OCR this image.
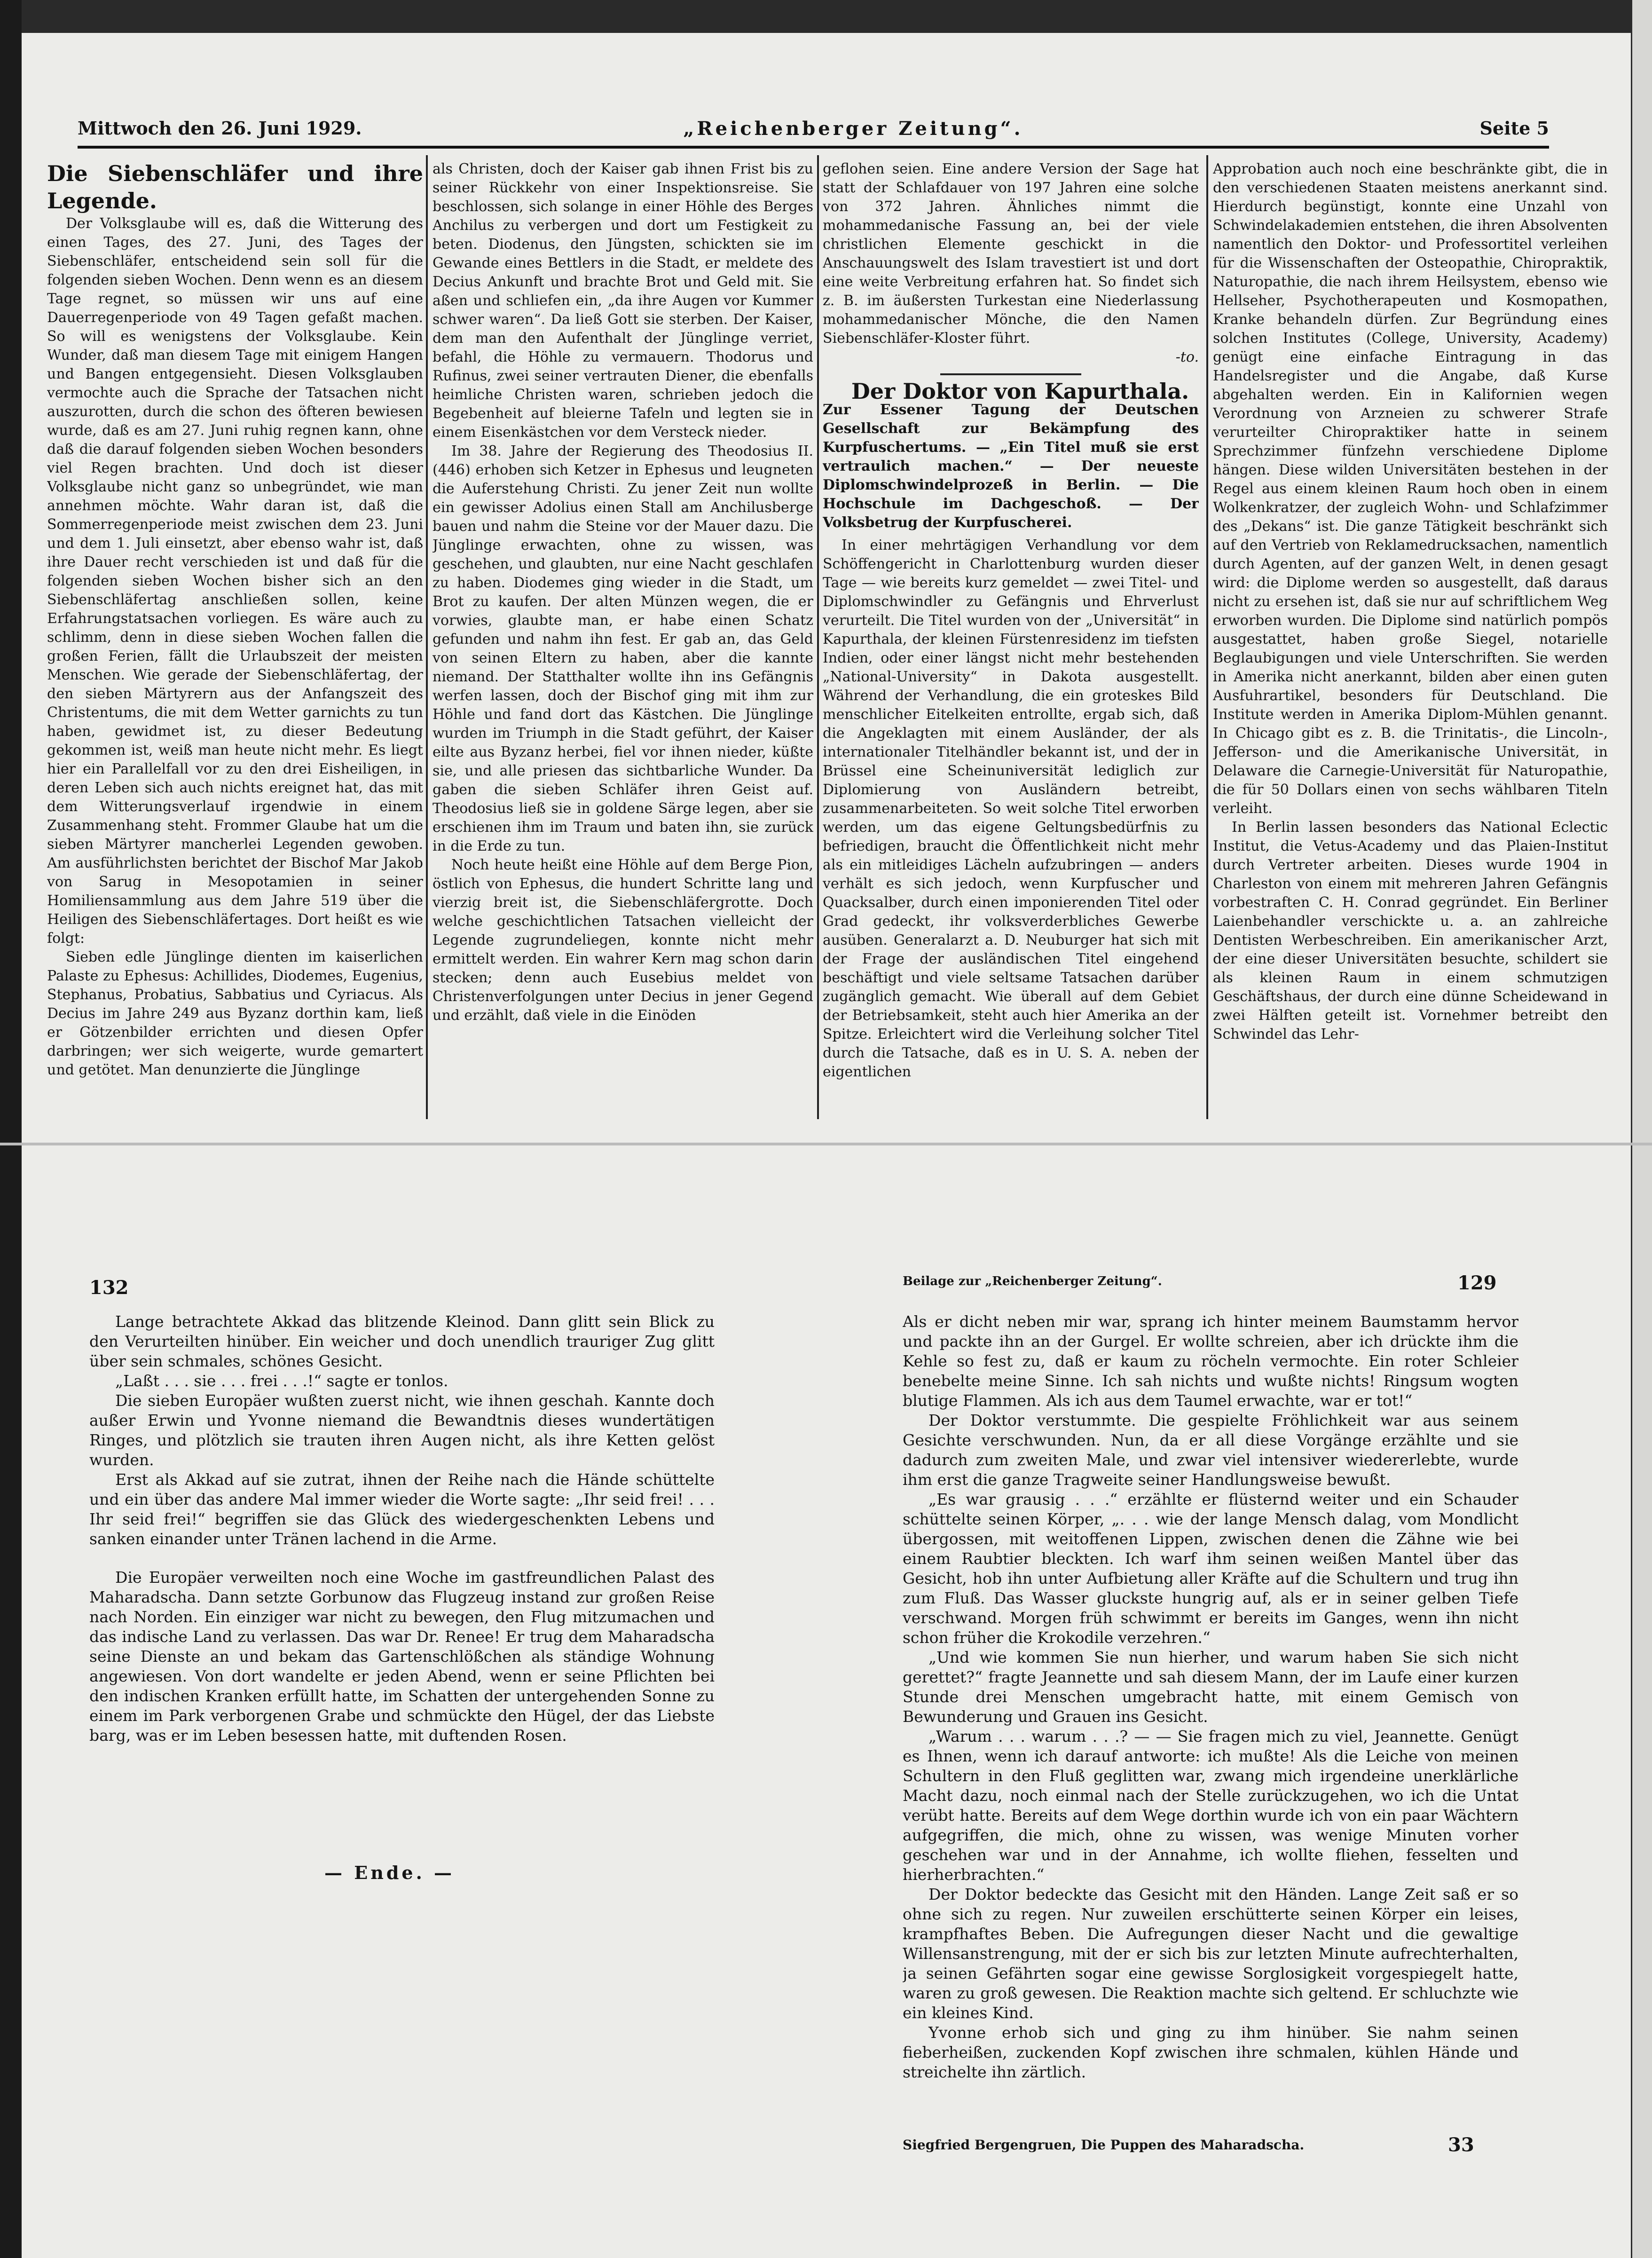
Mittwoch den 26. Juni 1929.	„Reichenberger Zeitung“.	Seite 5

Die Siebenschläfer und ihre Legende.

Der Volksglaube will es, daß die Witterung des einen Tages, des 27. Juni, des Tages der Siebenschläfer, entscheidend sein soll für die folgenden sieben Wochen. Denn wenn es an diesem Tage regnet, so müssen wir uns auf eine Dauerregenperiode von 49 Tagen gefaßt machen. So will es wenigstens der Volksglaube. Kein Wunder, daß man diesem Tage mit einigem Hangen und Bangen entgegensieht. Diesen Volksglauben vermochte auch die Sprache der Tatsachen nicht auszurotten, durch die schon des öfteren bewiesen wurde, daß es am 27. Juni ruhig regnen kann, ohne daß die darauf folgenden sieben Wochen besonders viel Regen brachten. Und doch ist dieser Volksglaube nicht ganz so unbegründet, wie man annehmen möchte. Wahr daran ist, daß die Sommerregenperiode meist zwischen dem 23. Juni und dem 1. Juli einsetzt, aber ebenso wahr ist, daß ihre Dauer recht verschieden ist und daß für die folgenden sieben Wochen bisher sich an den Siebenschläfertag anschließen sollen, keine Erfahrungstatsachen vorliegen. Es wäre auch zu schlimm, denn in diese sieben Wochen fallen die großen Ferien, fällt die Urlaubszeit der meisten Menschen. Wie gerade der Siebenschläfertag, der den sieben Märtyrern aus der Anfangszeit des Christentums, die mit dem Wetter garnichts zu tun haben, gewidmet ist, zu dieser Bedeutung gekommen ist, weiß man heute nicht mehr. Es liegt hier ein Parallelfall vor zu den drei Eisheiligen, in deren Leben sich auch nichts ereignet hat, das mit dem Witterungsverlauf irgendwie in einem Zusammenhang steht. Frommer Glaube hat um die sieben Märtyrer mancherlei Legenden gewoben. Am ausführlichsten berichtet der Bischof Mar Jakob von Sarug in Mesopotamien in seiner Homiliensammlung aus dem Jahre 519 über die Heiligen des Siebenschläfertages. Dort heißt es wie folgt:

Sieben edle Jünglinge dienten im kaiserlichen Palaste zu Ephesus: Achillides, Diodemes, Eugenius, Stephanus, Probatius, Sabbatius und Cyriacus. Als Decius im Jahre 249 aus Byzanz dorthin kam, ließ er Götzenbilder errichten und diesen Opfer darbringen; wer sich weigerte, wurde gemartert und getötet. Man denunzierte die Jünglinge

als Christen, doch der Kaiser gab ihnen Frist bis zu seiner Rückkehr von einer Inspektionsreise. Sie beschlossen, sich solange in einer Höhle des Berges Anchilus zu verbergen und dort um Festigkeit zu beten. Diodenus, den Jüngsten, schickten sie im Gewande eines Bettlers in die Stadt, er meldete des Decius Ankunft und brachte Brot und Geld mit. Sie aßen und schliefen ein, „da ihre Augen vor Kummer schwer waren“. Da ließ Gott sie sterben. Der Kaiser, dem man den Aufenthalt der Jünglinge verriet, befahl, die Höhle zu vermauern. Thodorus und Rufinus, zwei seiner vertrauten Diener, die ebenfalls heimliche Christen waren, schrieben jedoch die Begebenheit auf bleierne Tafeln und legten sie in einem Eisenkästchen vor dem Versteck nieder.

Im 38. Jahre der Regierung des Theodosius II. (446) erhoben sich Ketzer in Ephesus und leugneten die Auferstehung Christi. Zu jener Zeit nun wollte ein gewisser Adolius einen Stall am Anchilusberge bauen und nahm die Steine vor der Mauer dazu. Die Jünglinge erwachten, ohne zu wissen, was geschehen, und glaubten, nur eine Nacht geschlafen zu haben. Diodemes ging wieder in die Stadt, um Brot zu kaufen. Der alten Münzen wegen, die er vorwies, glaubte man, er habe einen Schatz gefunden und nahm ihn fest. Er gab an, das Geld von seinen Eltern zu haben, aber die kannte niemand. Der Statthalter wollte ihn ins Gefängnis werfen lassen, doch der Bischof ging mit ihm zur Höhle und fand dort das Kästchen. Die Jünglinge wurden im Triumph in die Stadt geführt, der Kaiser eilte aus Byzanz herbei, fiel vor ihnen nieder, küßte sie, und alle priesen das sichtbarliche Wunder. Da gaben die sieben Schläfer ihren Geist auf. Theodosius ließ sie in goldene Särge legen, aber sie erschienen ihm im Traum und baten ihn, sie zurück in die Erde zu tun.

Noch heute heißt eine Höhle auf dem Berge Pion, östlich von Ephesus, die hundert Schritte lang und vierzig breit ist, die Siebenschläfergrotte. Doch welche geschichtlichen Tatsachen vielleicht der Legende zugrundeliegen, konnte nicht mehr ermittelt werden. Ein wahrer Kern mag schon darin stecken; denn auch Eusebius meldet von Christenverfolgungen unter Decius in jener Gegend und erzählt, daß viele in die Einöden

geflohen seien. Eine andere Version der Sage hat statt der Schlafdauer von 197 Jahren eine solche von 372 Jahren. Ähnliches nimmt die mohammedanische Fassung an, bei der viele christlichen Elemente geschickt in die Anschauungswelt des Islam travestiert ist und dort eine weite Verbreitung erfahren hat. So findet sich z. B. im äußersten Turkestan eine Niederlassung mohammedanischer Mönche, die den Namen Siebenschläfer-Kloster führt.

-to.

Der Doktor von Kapurthala.

Zur Essener Tagung der Deutschen Gesellschaft zur Bekämpfung des Kurpfuschertums. — „Ein Titel muß sie erst vertraulich machen.“ — Der neueste Diplomschwindelprozeß in Berlin. — Die Hochschule im Dachgeschoß. — Der Volksbetrug der Kurpfuscherei.

In einer mehrtägigen Verhandlung vor dem Schöffengericht in Charlottenburg wurden dieser Tage — wie bereits kurz gemeldet — zwei Titel- und Diplomschwindler zu Gefängnis und Ehrverlust verurteilt. Die Titel wurden von der „Universität“ in Kapurthala, der kleinen Fürstenresidenz im tiefsten Indien, oder einer längst nicht mehr bestehenden „National-University“ in Dakota ausgestellt. Während der Verhandlung, die ein groteskes Bild menschlicher Eitelkeiten entrollte, ergab sich, daß die Angeklagten mit einem Ausländer, der als internationaler Titelhändler bekannt ist, und der in Brüssel eine Scheinuniversität lediglich zur Diplomierung von Ausländern betreibt, zusammenarbeiteten. So weit solche Titel erworben werden, um das eigene Geltungsbedürfnis zu befriedigen, braucht die Öffentlichkeit nicht mehr als ein mitleidiges Lächeln aufzubringen — anders verhält es sich jedoch, wenn Kurpfuscher und Quacksalber, durch einen imponierenden Titel oder Grad gedeckt, ihr volksverderbliches Gewerbe ausüben. Generalarzt a. D. Neuburger hat sich mit der Frage der ausländischen Titel eingehend beschäftigt und viele seltsame Tatsachen darüber zugänglich gemacht. Wie überall auf dem Gebiet der Betriebsamkeit, steht auch hier Amerika an der Spitze. Erleichtert wird die Verleihung solcher Titel durch die Tatsache, daß es in U. S. A. neben der eigentlichen

Approbation auch noch eine beschränkte gibt, die in den verschiedenen Staaten meistens anerkannt sind. Hierdurch begünstigt, konnte eine Unzahl von Schwindelakademien entstehen, die ihren Absolventen namentlich den Doktor- und Professortitel verleihen für die Wissenschaften der Osteopathie, Chiropraktik, Naturopathie, die nach ihrem Heilsystem, ebenso wie Hellseher, Psychotherapeuten und Kosmopathen, Kranke behandeln dürfen. Zur Begründung eines solchen Institutes (College, University, Academy) genügt eine einfache Eintragung in das Handelsregister und die Angabe, daß Kurse abgehalten werden. Ein in Kalifornien wegen Verordnung von Arzneien zu schwerer Strafe verurteilter Chiropraktiker hatte in seinem Sprechzimmer fünfzehn verschiedene Diplome hängen. Diese wilden Universitäten bestehen in der Regel aus einem kleinen Raum hoch oben in einem Wolkenkratzer, der zugleich Wohn- und Schlafzimmer des „Dekans“ ist. Die ganze Tätigkeit beschränkt sich auf den Vertrieb von Reklamedrucksachen, namentlich durch Agenten, auf der ganzen Welt, in denen gesagt wird: die Diplome werden so ausgestellt, daß daraus nicht zu ersehen ist, daß sie nur auf schriftlichem Weg erworben wurden. Die Diplome sind natürlich pompös ausgestattet, haben große Siegel, notarielle Beglaubigungen und viele Unterschriften. Sie werden in Amerika nicht anerkannt, bilden aber einen guten Ausfuhrartikel, besonders für Deutschland. Die Institute werden in Amerika Diplom-Mühlen genannt. In Chicago gibt es z. B. die Trinitatis-, die Lincoln-, Jefferson- und die Amerikanische Universität, in Delaware die Carnegie-Universität für Naturopathie, die für 50 Dollars einen von sechs wählbaren Titeln verleiht.

In Berlin lassen besonders das National Eclectic Institut, die Vetus-Academy und das Plaien-Institut durch Vertreter arbeiten. Dieses wurde 1904 in Charleston von einem mit mehreren Jahren Gefängnis vorbestraften C. H. Conrad gegründet. Ein Berliner Laienbehandler verschickte u. a. an zahlreiche Dentisten Werbeschreiben. Ein amerikanischer Arzt, der eine dieser Universitäten besuchte, schildert sie als kleinen Raum in einem schmutzigen Geschäftshaus, der durch eine dünne Scheidewand in zwei Hälften geteilt ist. Vornehmer betreibt den Schwindel das Lehr-

132	Beilage zur „Reichenberger Zeitung“.	129

Lange betrachtete Akkad das blitzende Kleinod. Dann glitt sein Blick zu den Verurteilten hinüber. Ein weicher und doch unendlich trauriger Zug glitt über sein schmales, schönes Gesicht.

„Laßt . . . sie . . . frei . . .!“ sagte er tonlos.

Die sieben Europäer wußten zuerst nicht, wie ihnen geschah. Kannte doch außer Erwin und Yvonne niemand die Bewandtnis dieses wundertätigen Ringes, und plötzlich sie trauten ihren Augen nicht, als ihre Ketten gelöst wurden.

Erst als Akkad auf sie zutrat, ihnen der Reihe nach die Hände schüttelte und ein über das andere Mal immer wieder die Worte sagte: „Ihr seid frei! . . . Ihr seid frei!“ begriffen sie das Glück des wiedergeschenkten Lebens und sanken einander unter Tränen lachend in die Arme.

Die Europäer verweilten noch eine Woche im gastfreundlichen Palast des Maharadscha. Dann setzte Gorbunow das Flugzeug instand zur großen Reise nach Norden. Ein einziger war nicht zu bewegen, den Flug mitzumachen und das indische Land zu verlassen. Das war Dr. Renee! Er trug dem Maharadscha seine Dienste an und bekam das Gartenschlößchen als ständige Wohnung angewiesen. Von dort wandelte er jeden Abend, wenn er seine Pflichten bei den indischen Kranken erfüllt hatte, im Schatten der untergehenden Sonne zu einem im Park verborgenen Grabe und schmückte den Hügel, der das Liebste barg, was er im Leben besessen hatte, mit duftenden Rosen.

— Ende. —

Als er dicht neben mir war, sprang ich hinter meinem Baumstamm hervor und packte ihn an der Gurgel. Er wollte schreien, aber ich drückte ihm die Kehle so fest zu, daß er kaum zu röcheln vermochte. Ein roter Schleier benebelte meine Sinne. Ich sah nichts und wußte nichts! Ringsum wogten blutige Flammen. Als ich aus dem Taumel erwachte, war er tot!“

Der Doktor verstummte. Die gespielte Fröhlichkeit war aus seinem Gesichte verschwunden. Nun, da er all diese Vorgänge erzählte und sie dadurch zum zweiten Male, und zwar viel intensiver wiedererlebte, wurde ihm erst die ganze Tragweite seiner Handlungsweise bewußt.

„Es war grausig . . .“ erzählte er flüsternd weiter und ein Schauder schüttelte seinen Körper, „. . . wie der lange Mensch dalag, vom Mondlicht übergossen, mit weitoffenen Lippen, zwischen denen die Zähne wie bei einem Raubtier bleckten. Ich warf ihm seinen weißen Mantel über das Gesicht, hob ihn unter Aufbietung aller Kräfte auf die Schultern und trug ihn zum Fluß. Das Wasser gluckste hungrig auf, als er in seiner gelben Tiefe verschwand. Morgen früh schwimmt er bereits im Ganges, wenn ihn nicht schon früher die Krokodile verzehren.“

„Und wie kommen Sie nun hierher, und warum haben Sie sich nicht gerettet?“ fragte Jeannette und sah diesem Mann, der im Laufe einer kurzen Stunde drei Menschen umgebracht hatte, mit einem Gemisch von Bewunderung und Grauen ins Gesicht.

„Warum . . . warum . . .? — — Sie fragen mich zu viel, Jeannette. Genügt es Ihnen, wenn ich darauf antworte: ich mußte! Als die Leiche von meinen Schultern in den Fluß geglitten war, zwang mich irgendeine unerklärliche Macht dazu, noch einmal nach der Stelle zurückzugehen, wo ich die Untat verübt hatte. Bereits auf dem Wege dorthin wurde ich von ein paar Wächtern aufgegriffen, die mich, ohne zu wissen, was wenige Minuten vorher geschehen war und in der Annahme, ich wollte fliehen, fesselten und hierherbrachten.“

Der Doktor bedeckte das Gesicht mit den Händen. Lange Zeit saß er so ohne sich zu regen. Nur zuweilen erschütterte seinen Körper ein leises, krampfhaftes Beben. Die Aufregungen dieser Nacht und die gewaltige Willensanstrengung, mit der er sich bis zur letzten Minute aufrechterhalten, ja seinen Gefährten sogar eine gewisse Sorglosigkeit vorgespiegelt hatte, waren zu groß gewesen. Die Reaktion machte sich geltend. Er schluchzte wie ein kleines Kind.

Yvonne erhob sich und ging zu ihm hinüber. Sie nahm seinen fieberheißen, zuckenden Kopf zwischen ihre schmalen, kühlen Hände und streichelte ihn zärtlich.

Siegfried Bergengruen, Die Puppen des Maharadscha.	33
